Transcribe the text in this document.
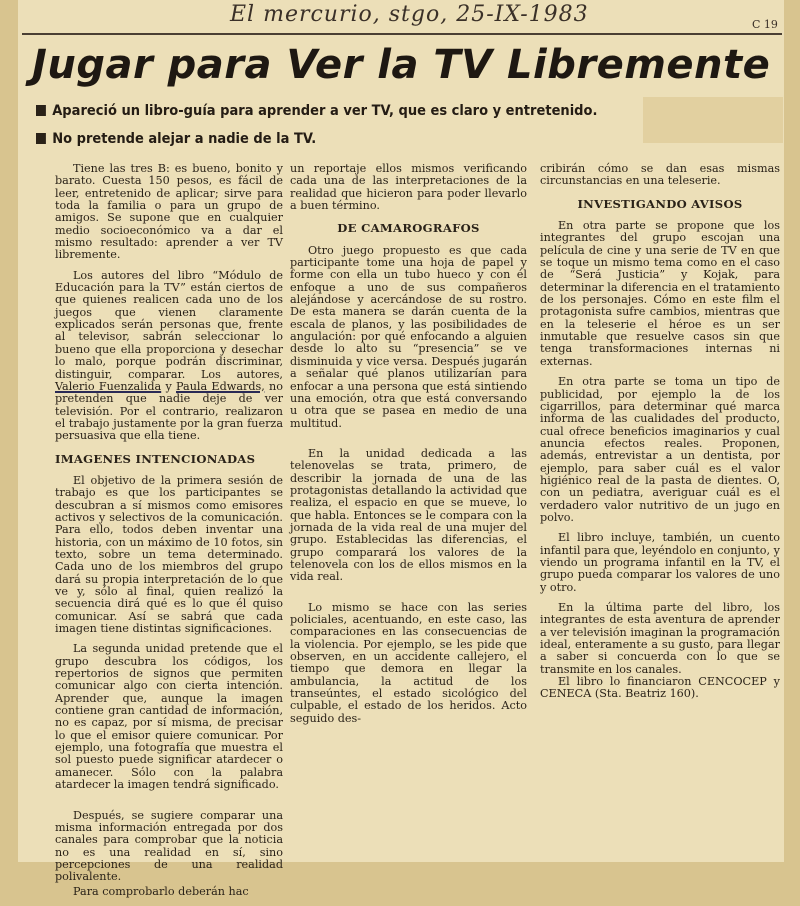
El mercurio, stgo, 25-IX-1983	C 19
Jugar para Ver la TV Libremente
Apareció un libro-guía para aprender a ver TV, que es claro y entretenido.
No pretende alejar a nadie de la TV.

Tiene las tres B: es bueno, bonito y barato. Cuesta 150 pesos, es fácil de leer, entretenido de aplicar; sirve para toda la familia o para un grupo de amigos. Se supone que en cualquier medio socioeconómico va a dar el mismo resultado: aprender a ver TV libremente.

Los autores del libro “Módulo de Educación para la TV” están ciertos de que quienes realicen cada uno de los juegos que vienen claramente explicados serán personas que, frente al televisor, sabrán seleccionar lo bueno que ella proporciona y desechar lo malo, porque podrán discriminar, distinguir, comparar. Los autores, Valerio Fuenzalida y Paula Edwards, no pretenden que nadie deje de ver televisión. Por el contrario, realizaron el trabajo justamente por la gran fuerza persuasiva que ella tiene.

IMAGENES INTENCIONADAS

El objetivo de la primera sesión de trabajo es que los participantes se descubran a sí mismos como emisores activos y selectivos de la comunicación. Para ello, todos deben inventar una historia, con un máximo de 10 fotos, sin texto, sobre un tema determinado. Cada uno de los miembros del grupo dará su propia interpretación de lo que ve y, sólo al final, quien realizó la secuencia dirá qué es lo que él quiso comunicar. Así se sabrá que cada imagen tiene distintas significaciones.

La segunda unidad pretende que el grupo descubra los códigos, los repertorios de signos que permiten comunicar algo con cierta intención. Aprender que, aunque la imagen contiene gran cantidad de información, no es capaz, por sí misma, de precisar lo que el emisor quiere comunicar. Por ejemplo, una fotografía que muestra el sol puesto puede significar atardecer o amanecer. Sólo con la palabra atardecer la imagen tendrá significado.

Después, se sugiere comparar una misma información entregada por dos canales para comprobar que la noticia no es una realidad en sí, sino percepciones de una realidad polivalente.

Para comprobarlo deberán hac

un reportaje ellos mismos verificando cada una de las interpretaciones de la realidad que hicieron para poder llevarlo a buen término.

DE CAMAROGRAFOS

Otro juego propuesto es que cada participante tome una hoja de papel y forme con ella un tubo hueco y con él enfoque a uno de sus compañeros alejándose y acercándose de su rostro. De esta manera se darán cuenta de la escala de planos, y las posibilidades de angulación: por qué enfocando a alguien desde lo alto su “presencia” se ve disminuida y vice versa. Después jugarán a señalar qué planos utilizarían para enfocar a una persona que está sintiendo una emoción, otra que está conversando u otra que se pasea en medio de una multitud.

En la unidad dedicada a las telenovelas se trata, primero, de describir la jornada de una de las protagonistas detallando la actividad que realiza, el espacio en que se mueve, lo que habla. Entonces se le compara con la jornada de la vida real de una mujer del grupo. Establecidas las diferencias, el grupo comparará los valores de la telenovela con los de ellos mismos en la vida real.

Lo mismo se hace con las series policiales, acentuando, en este caso, las comparaciones en las consecuencias de la violencia. Por ejemplo, se les pide que observen, en un accidente callejero, el tiempo que demora en llegar la ambulancia, la actitud de los transeúntes, el estado sicológico del culpable, el estado de los heridos. Acto seguido des-

cribirán cómo se dan esas mismas circunstancias en una teleserie.

INVESTIGANDO AVISOS

En otra parte se propone que los integrantes del grupo escojan una película de cine y una serie de TV en que se toque un mismo tema como en el caso de “Será Justicia” y Kojak, para determinar la diferencia en el tratamiento de los personajes. Cómo en este film el protagonista sufre cambios, mientras que en la teleserie el héroe es un ser inmutable que resuelve casos sin que tenga transformaciones internas ni externas.

En otra parte se toma un tipo de publicidad, por ejemplo la de los cigarrillos, para determinar qué marca informa de las cualidades del producto, cual ofrece beneficios imaginarios y cual anuncia efectos reales. Proponen, además, entrevistar a un dentista, por ejemplo, para saber cuál es el valor higiénico real de la pasta de dientes. O, con un pediatra, averiguar cuál es el verdadero valor nutritivo de un jugo en polvo.

El libro incluye, también, un cuento infantil para que, leyéndolo en conjunto, y viendo un programa infantil en la TV, el grupo pueda comparar los valores de uno y otro.

En la última parte del libro, los integrantes de esta aventura de aprender a ver televisión imaginan la programación ideal, enteramente a su gusto, para llegar a saber si concuerda con lo que se transmite en los canales.

El libro lo financiaron CENCOCEP y CENECA (Sta. Beatriz 160).
